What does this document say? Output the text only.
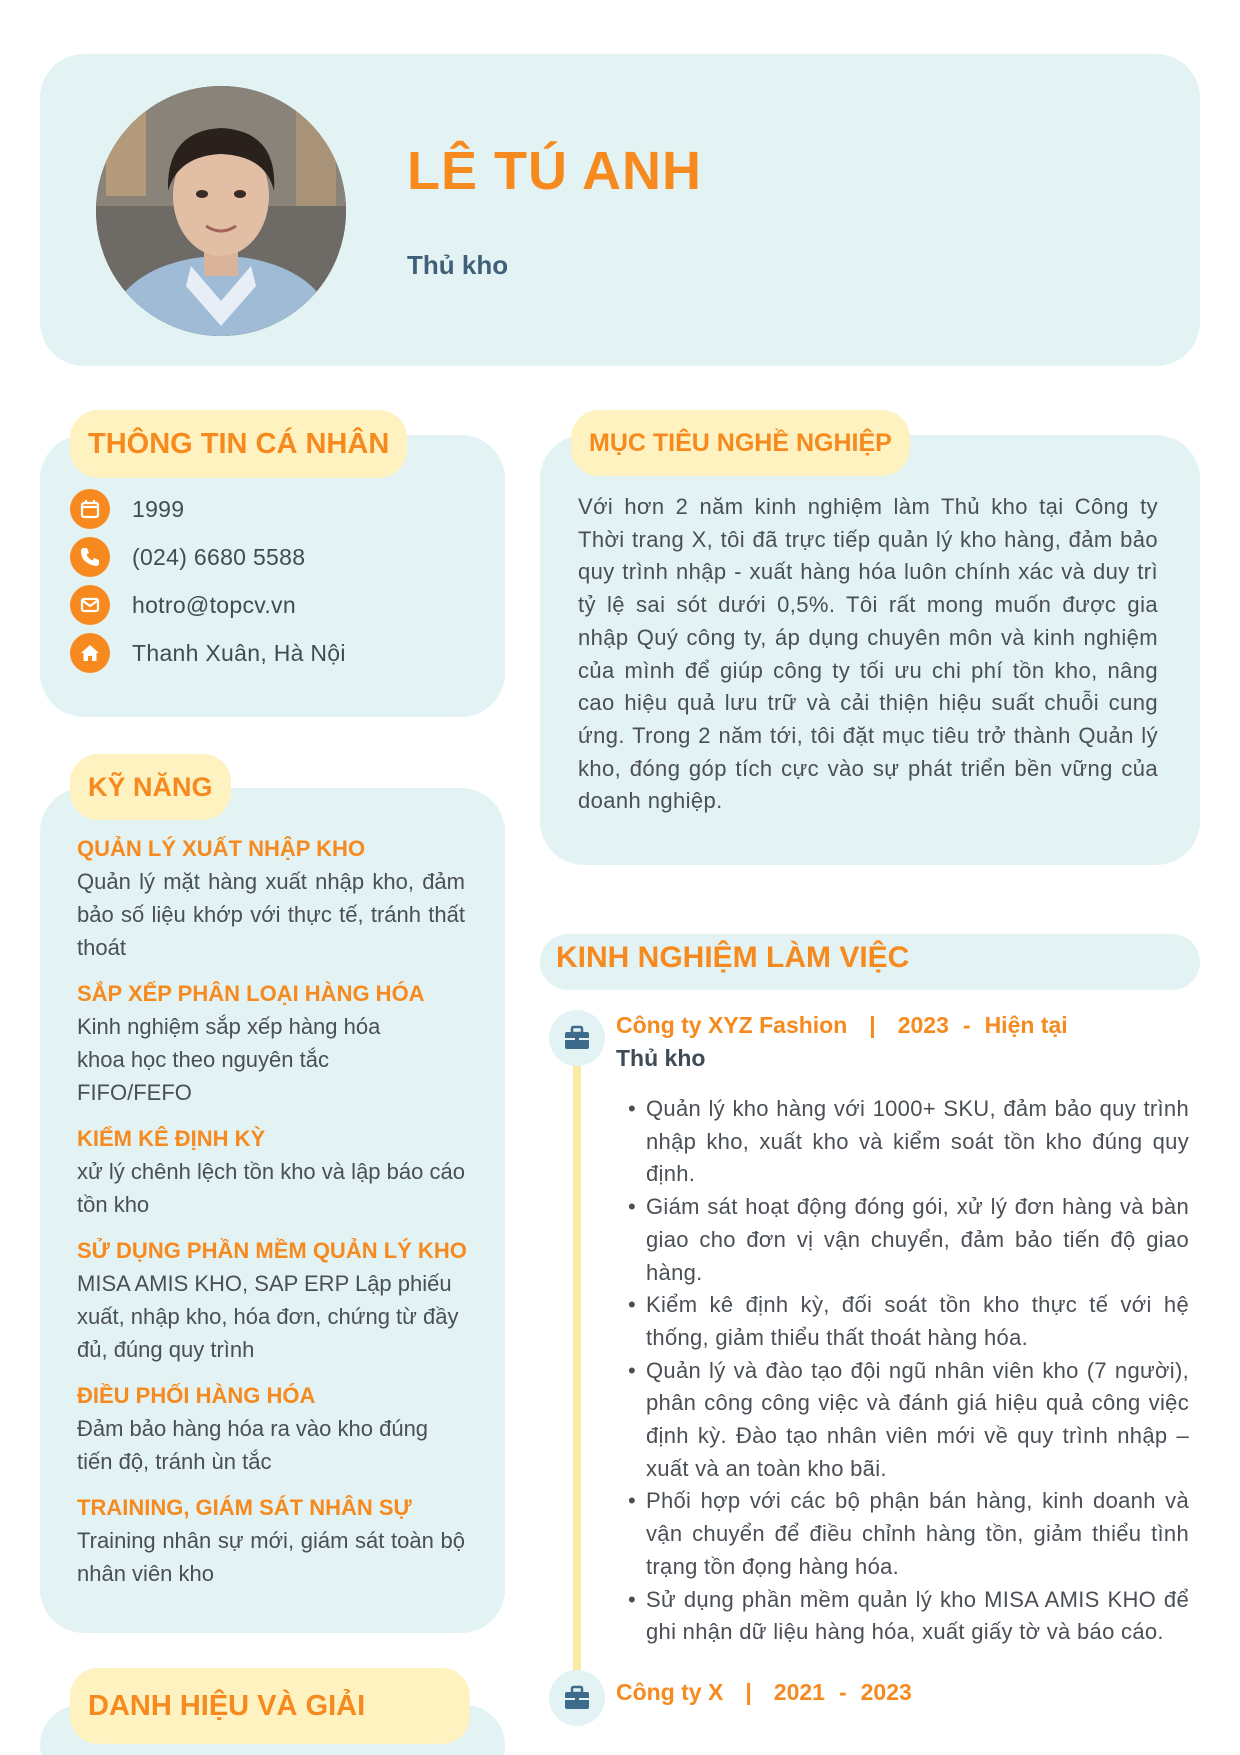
LÊ TÚ ANH
Thủ kho
THÔNG TIN CÁ NHÂN
1999
(024) 6680 5588
hotro@topcv.vn
Thanh Xuân, Hà Nội
KỸ NĂNG
QUẢN LÝ XUẤT NHẬP KHO
Quản lý mặt hàng xuất nhập kho, đảm bảo số liệu khớp với thực tế, tránh thất thoát
SẮP XẾP PHÂN LOẠI HÀNG HÓA
Kinh nghiệm sắp xếp hàng hóa khoa học theo nguyên tắc FIFO/FEFO
KIỂM KÊ ĐỊNH KỲ
xử lý chênh lệch tồn kho và lập báo cáo tồn kho
SỬ DỤNG PHẦN MỀM QUẢN LÝ KHO
MISA AMIS KHO, SAP ERP Lập phiếu xuất, nhập kho, hóa đơn, chứng từ đầy đủ, đúng quy trình
ĐIỀU PHỐI HÀNG HÓA
Đảm bảo hàng hóa ra vào kho đúng tiến độ, tránh ùn tắc
TRAINING, GIÁM SÁT NHÂN SỰ
Training nhân sự mới, giám sát toàn bộ nhân viên kho
DANH HIỆU VÀ GIẢI
MỤC TIÊU NGHỀ NGHIỆP
Với hơn 2 năm kinh nghiệm làm Thủ kho tại Công ty Thời trang X, tôi đã trực tiếp quản lý kho hàng, đảm bảo quy trình nhập - xuất hàng hóa luôn chính xác và duy trì tỷ lệ sai sót dưới 0,5%. Tôi rất mong muốn được gia nhập Quý công ty, áp dụng chuyên môn và kinh nghiệm của mình để giúp công ty tối ưu chi phí tồn kho, nâng cao hiệu quả lưu trữ và cải thiện hiệu suất chuỗi cung ứng. Trong 2 năm tới, tôi đặt mục tiêu trở thành Quản lý kho, đóng góp tích cực vào sự phát triển bền vững của doanh nghiệp.
KINH NGHIỆM LÀM VIỆC
Công ty XYZ Fashion | 2023 - Hiện tại
Thủ kho
• Quản lý kho hàng với 1000+ SKU, đảm bảo quy trình nhập kho, xuất kho và kiểm soát tồn kho đúng quy định.
• Giám sát hoạt động đóng gói, xử lý đơn hàng và bàn giao cho đơn vị vận chuyển, đảm bảo tiến độ giao hàng.
• Kiểm kê định kỳ, đối soát tồn kho thực tế với hệ thống, giảm thiểu thất thoát hàng hóa.
• Quản lý và đào tạo đội ngũ nhân viên kho (7 người), phân công công việc và đánh giá hiệu quả công việc định kỳ. Đào tạo nhân viên mới về quy trình nhập – xuất và an toàn kho bãi.
• Phối hợp với các bộ phận bán hàng, kinh doanh và vận chuyển để điều chỉnh hàng tồn, giảm thiểu tình trạng tồn đọng hàng hóa.
• Sử dụng phần mềm quản lý kho MISA AMIS KHO để ghi nhận dữ liệu hàng hóa, xuất giấy tờ và báo cáo.
Công ty X | 2021 - 2023
